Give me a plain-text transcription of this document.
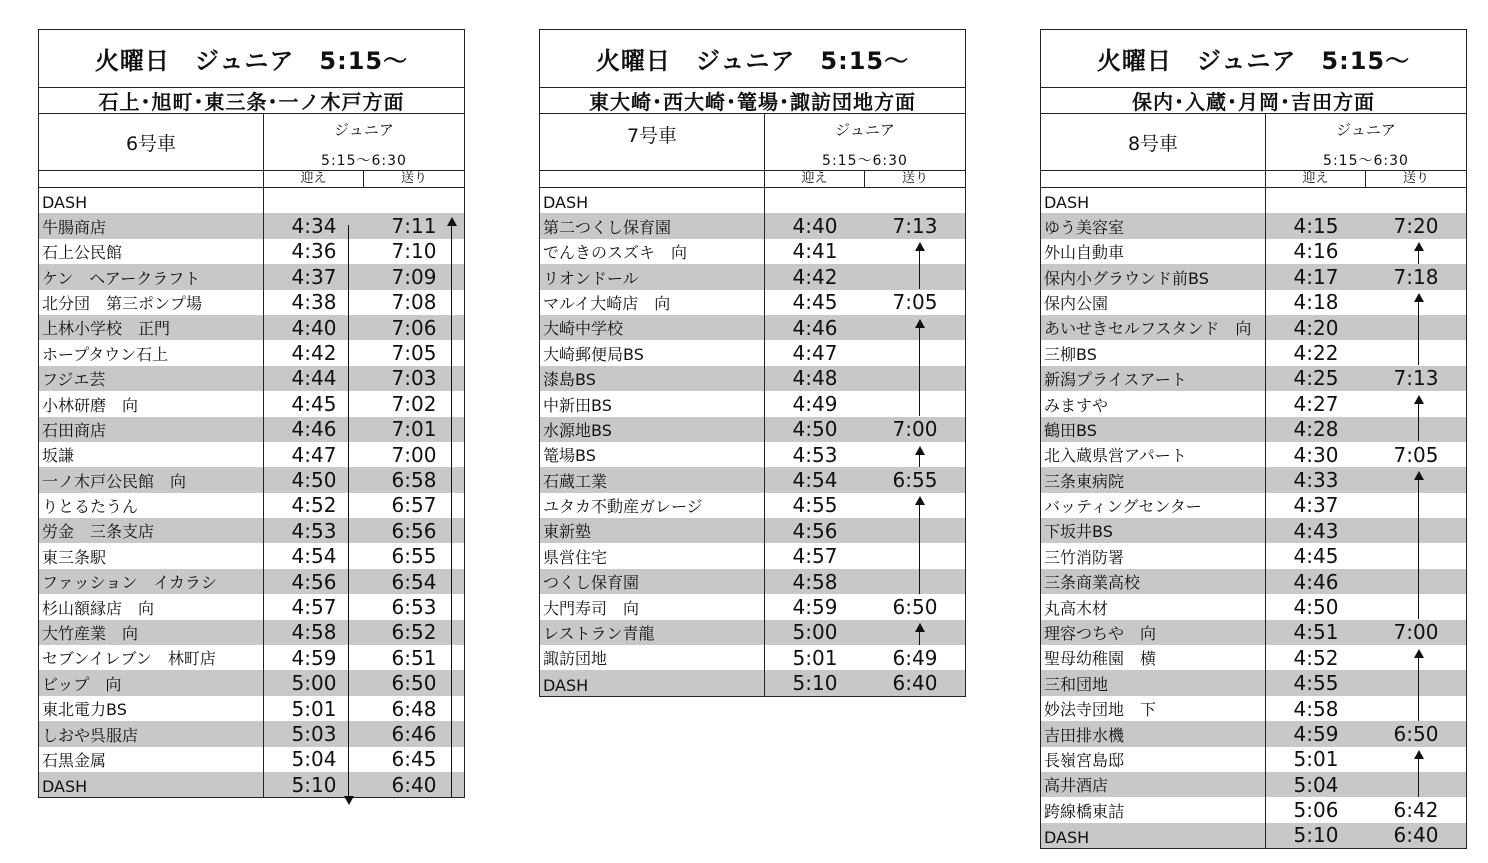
火曜日　ジュニア　5:15～
石上･旭町･東三条･一ノ木戸方面
6号車
ジュニア
5:15～6:30
迎え	送り
DASH
牛腸商店	4:34	7:11
石上公民館	4:36	7:10
ケン　ヘアークラフト	4:37	7:09
北分団　第三ポンプ場	4:38	7:08
上林小学校　正門	4:40	7:06
ホープタウン石上	4:42	7:05
フジエ芸	4:44	7:03
小林研磨　向	4:45	7:02
石田商店	4:46	7:01
坂謙	4:47	7:00
一ノ木戸公民館　向	4:50	6:58
りとるたうん	4:52	6:57
労金　三条支店	4:53	6:56
東三条駅	4:54	6:55
ファッション　イカラシ	4:56	6:54
杉山額縁店　向	4:57	6:53
大竹産業　向	4:58	6:52
セブンイレブン　林町店	4:59	6:51
ビップ　向	5:00	6:50
東北電力BS	5:01	6:48
しおや呉服店	5:03	6:46
石黒金属	5:04	6:45
DASH	5:10	6:40
火曜日　ジュニア　5:15～
東大崎･西大崎･篭場･諏訪団地方面
7号車	ジュニア
5:15～6:30
迎え	送り
DASH
第二つくし保育園	4:40	7:13
でんきのスズキ　向	4:41
リオンドール	4:42
マルイ大崎店　向	4:45	7:05
大崎中学校	4:46
大崎郵便局BS	4:47
漆島BS	4:48
中新田BS	4:49
水源地BS	4:50	7:00
篭場BS	4:53
石蔵工業	4:54	6:55
ユタカ不動産ガレージ	4:55
東新塾	4:56
県営住宅	4:57
つくし保育園	4:58
大門寿司　向	4:59	6:50
レストラン青龍	5:00
諏訪団地	5:01	6:49
DASH	5:10	6:40
火曜日　ジュニア　5:15～
保内･入蔵･月岡･吉田方面
8号車
ジュニア
5:15～6:30
迎え	送り
DASH
ゆう美容室	4:15	7:20
外山自動車	4:16
保内小グラウンド前BS	4:17	7:18
保内公園	4:18
あいせきセルフスタンド　向	4:20
三柳BS	4:22
新潟プライスアート	4:25	7:13
みますや	4:27
鶴田BS	4:28
北入蔵県営アパート	4:30	7:05
三条東病院	4:33
バッティングセンター	4:37
下坂井BS	4:43
三竹消防署	4:45
三条商業高校	4:46
丸高木材	4:50
理容つちや　向	4:51	7:00
聖母幼稚園　横	4:52
三和団地	4:55
妙法寺団地　下	4:58
吉田排水機	4:59	6:50
長嶺宮島邸	5:01
高井酒店	5:04
跨線橋東詰	5:06	6:42
DASH	5:10	6:40
